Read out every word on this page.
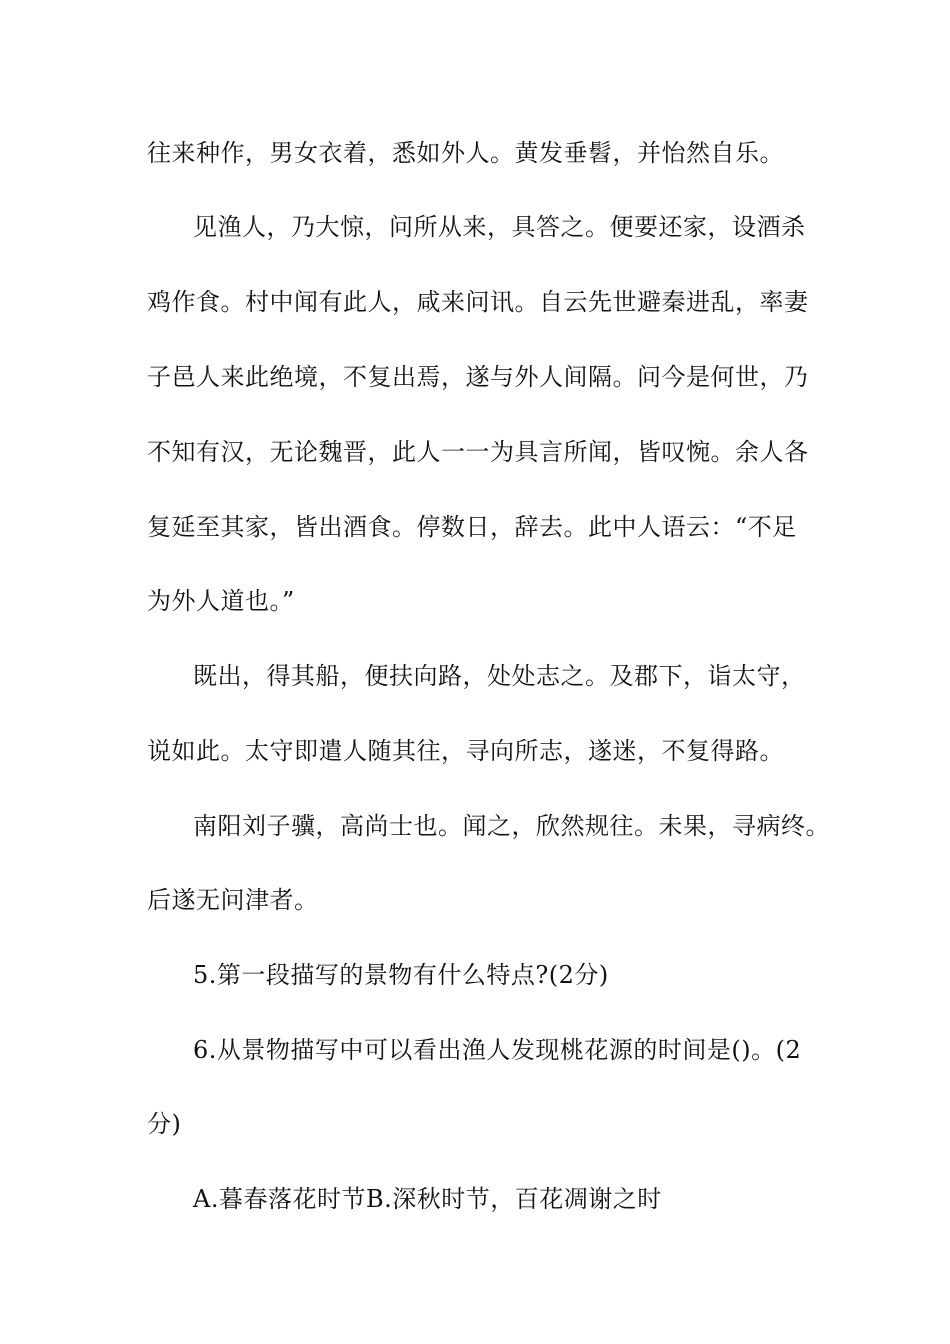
往来种作，男女衣着，悉如外人。黄发垂髫，并怡然自乐。
见渔人，乃大惊，问所从来，具答之。便要还家，设酒杀
鸡作食。村中闻有此人，咸来问讯。自云先世避秦进乱，率妻
子邑人来此绝境，不复出焉，遂与外人间隔。问今是何世，乃
不知有汉，无论魏晋，此人一一为具言所闻，皆叹惋。余人各
复延至其家，皆出酒食。停数日，辞去。此中人语云：“不足
为外人道也。”
既出，得其船，便扶向路，处处志之。及郡下，诣太守，
说如此。太守即遣人随其往，寻向所志，遂迷，不复得路。
南阳刘子骥，高尚士也。闻之，欣然规往。未果，寻病终。
后遂无问津者。
5.第一段描写的景物有什么特点?(2分)
6.从景物描写中可以看出渔人发现桃花源的时间是()。(2
分)
A.暮春落花时节B.深秋时节，百花凋谢之时
